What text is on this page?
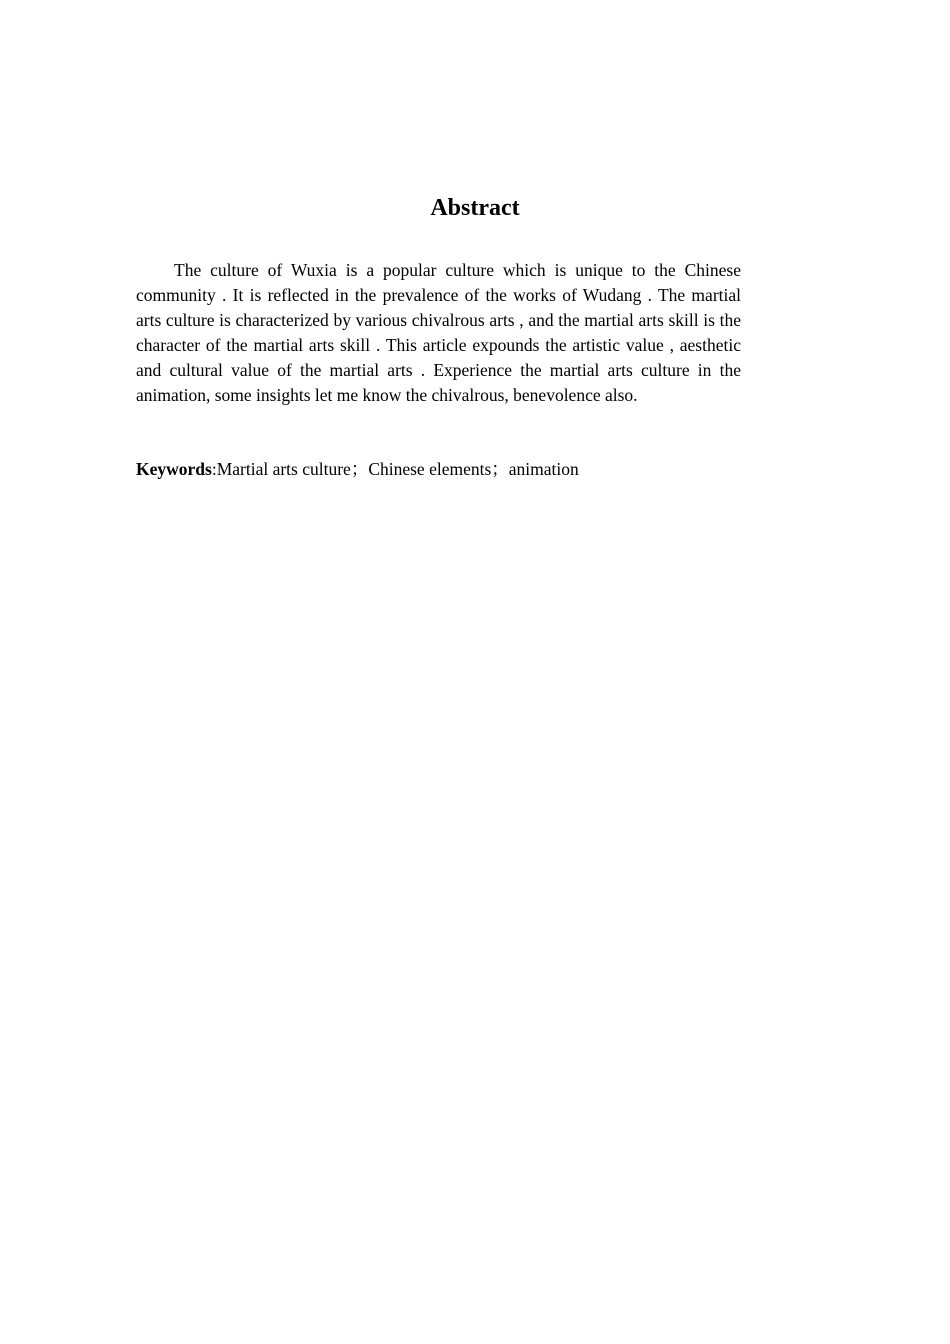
Abstract

The culture of Wuxia is a popular culture which is unique to the Chinese community . It is reflected in the prevalence of the works of Wudang . The martial arts culture is characterized by various chivalrous arts , and the martial arts skill is the character of the martial arts skill . This article expounds the artistic value , aesthetic and cultural value of the martial arts . Experience the martial arts culture in the animation, some insights let me know the chivalrous, benevolence also.

Keywords:Martial arts culture；Chinese elements；animation
